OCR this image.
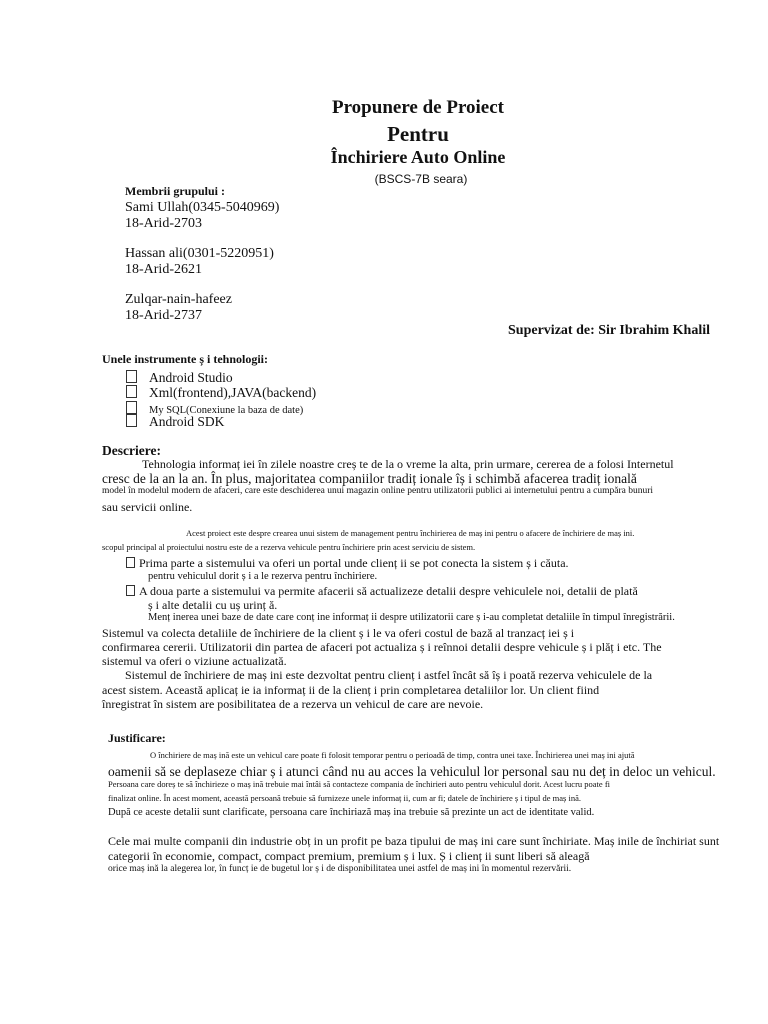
Propunere de Proiect
Pentru
Închiriere Auto Online
(BSCS-7B seara)
Membrii grupului :
Sami Ullah(0345-5040969)
18-Arid-2703
Hassan ali(0301-5220951)
18-Arid-2621
Zulqar-nain-hafeez
18-Arid-2737
Supervizat de: Sir Ibrahim Khalil
Unele instrumente ș i tehnologii:
Android Studio
Xml(frontend),JAVA(backend)
My SQL(Conexiune la baza de date)
Android SDK
Descriere:
Tehnologia informaț iei în zilele noastre creș te de la o vreme la alta, prin urmare, cererea de a folosi Internetul
cresc de la an la an. În plus, majoritatea companiilor tradiț ionale îș i schimbă afacerea tradiț ională
model în modelul modern de afaceri, care este deschiderea unui magazin online pentru utilizatorii publici ai internetului pentru a cumpăra bunuri
sau servicii online.
Acest proiect este despre crearea unui sistem de management pentru închirierea de maș ini pentru o afacere de închiriere de maș ini.
scopul principal al proiectului nostru este de a rezerva vehicule pentru închiriere prin acest serviciu de sistem.
Prima parte a sistemului va oferi un portal unde clienț ii se pot conecta la sistem ș i căuta.
pentru vehiculul dorit ș i a le rezerva pentru închiriere.
A doua parte a sistemului va permite afacerii să actualizeze detalii despre vehiculele noi, detalii de plată
ș i alte detalii cu uș urinț ă.
Menț inerea unei baze de date care conț ine informaț ii despre utilizatorii care ș i-au completat detaliile în timpul înregistrării.
Sistemul va colecta detaliile de închiriere de la client ș i le va oferi costul de bază al tranzacț iei ș i
confirmarea cererii. Utilizatorii din partea de afaceri pot actualiza ș i reînnoi detalii despre vehicule ș i plăț i etc. The
sistemul va oferi o viziune actualizată.
Sistemul de închiriere de maș ini este dezvoltat pentru clienț i astfel încât să îș i poată rezerva vehiculele de la
acest sistem. Această aplicaț ie ia informaț ii de la clienț i prin completarea detaliilor lor. Un client fiind
înregistrat în sistem are posibilitatea de a rezerva un vehicul de care are nevoie.
Justificare:
O închiriere de maș ină este un vehicul care poate fi folosit temporar pentru o perioadă de timp, contra unei taxe. Închirierea unei maș ini ajută
oamenii să se deplaseze chiar ș i atunci când nu au acces la vehiculul lor personal sau nu deț in deloc un vehicul.
Persoana care doreș te să închirieze o maș ină trebuie mai întâi să contacteze compania de închirieri auto pentru vehiculul dorit. Acest lucru poate fi
finalizat online. În acest moment, această persoană trebuie să furnizeze unele informaț ii, cum ar fi; datele de închiriere ș i tipul de maș ină.
După ce aceste detalii sunt clarificate, persoana care închiriază maș ina trebuie să prezinte un act de identitate valid.
Cele mai multe companii din industrie obț in un profit pe baza tipului de maș ini care sunt închiriate. Maș inile de închiriat sunt
categorii în economie, compact, compact premium, premium ș i lux. Ș i clienț ii sunt liberi să aleagă
orice maș ină la alegerea lor, în funcț ie de bugetul lor ș i de disponibilitatea unei astfel de maș ini în momentul rezervării.
